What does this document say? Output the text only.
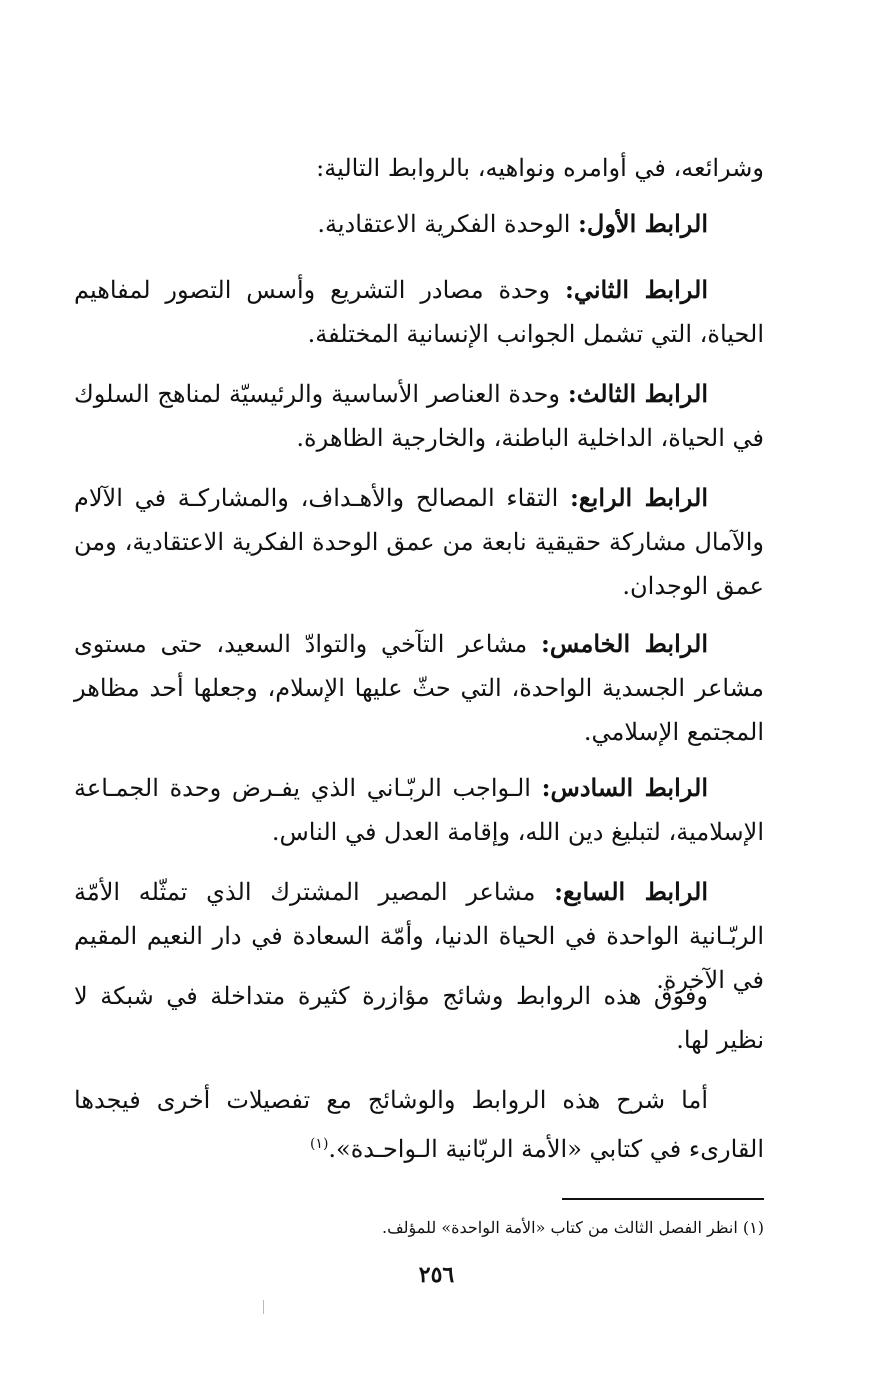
وشرائعه، في أوامره ونواهيه، بالروابط التالية:

الرابط الأول: الوحدة الفكرية الاعتقادية.

الرابط الثاني: وحدة مصادر التشريع وأسس التصور لمفاهيم الحياة، التي تشمل الجوانب الإنسانية المختلفة.

الرابط الثالث: وحدة العناصر الأساسية والرئيسيّة لمناهج السلوك في الحياة، الداخلية الباطنة، والخارجية الظاهرة.

الرابط الرابع: التقاء المصالح والأهـداف، والمشاركـة في الآلام والآمال مشاركة حقيقية نابعة من عمق الوحدة الفكرية الاعتقادية، ومن عمق الوجدان.

الرابط الخامس: مشاعر التآخي والتوادّ السعيد، حتى مستوى مشاعر الجسدية الواحدة، التي حثّ عليها الإسلام، وجعلها أحد مظاهر المجتمع الإسلامي.

الرابط السادس: الـواجب الربّـاني الذي يفـرض وحدة الجمـاعة الإسلامية، لتبليغ دين الله، وإقامة العدل في الناس.

الرابط السابع: مشاعر المصير المشترك الذي تمثّله الأمّة الربّـانية الواحدة في الحياة الدنيا، وأمّة السعادة في دار النعيم المقيم في الآخرة.

وفوق هذه الروابط وشائج مؤازرة كثيرة متداخلة في شبكة لا نظير لها.

أما شرح هذه الروابط والوشائج مع تفصيلات أخرى فيجدها القارىء في كتابي «الأمة الربّانية الـواحـدة».$^{(١)}$

(١) انظر الفصل الثالث من كتاب «الأمة الواحدة» للمؤلف.
٢٥٦
